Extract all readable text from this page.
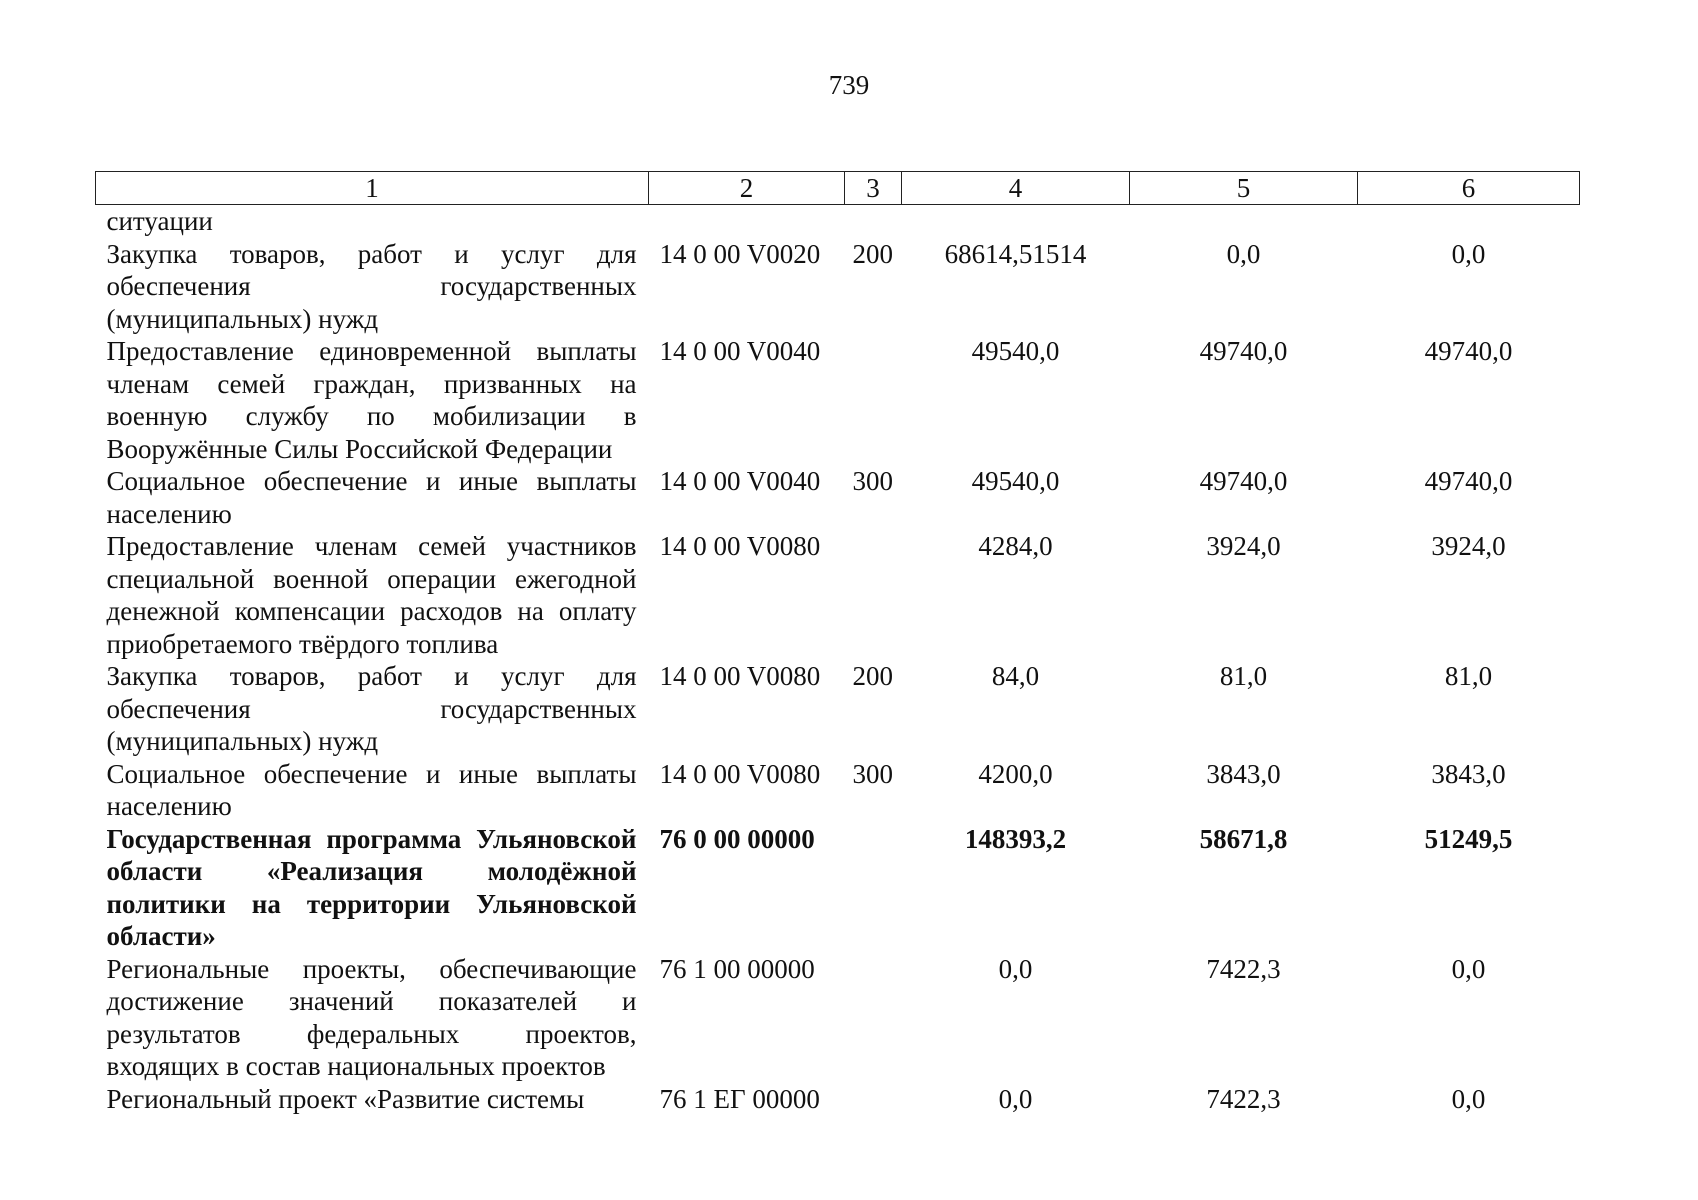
739
1	2	3	4	5	6
ситуации					
Закупка товаров, работ и услуг для обеспечения государственных (муниципальных) нужд	14 0 00 V0020	200	68614,51514	0,0	0,0
Предоставление единовременной выплаты членам семей граждан, призванных на военную службу по мобилизации в Вооружённые Силы Российской Федерации	14 0 00 V0040		49540,0	49740,0	49740,0
Социальное обеспечение и иные выплаты населению	14 0 00 V0040	300	49540,0	49740,0	49740,0
Предоставление членам семей участников специальной военной операции ежегодной денежной компенсации расходов на оплату приобретаемого твёрдого топлива	14 0 00 V0080		4284,0	3924,0	3924,0
Закупка товаров, работ и услуг для обеспечения государственных (муниципальных) нужд	14 0 00 V0080	200	84,0	81,0	81,0
Социальное обеспечение и иные выплаты населению	14 0 00 V0080	300	4200,0	3843,0	3843,0
Государственная программа Ульяновской области «Реализация молодёжной политики на территории Ульяновской области»	76 0 00 00000		148393,2	58671,8	51249,5
Региональные проекты, обеспечивающие достижение значений показателей и результатов федеральных проектов, входящих в состав национальных проектов	76 1 00 00000		0,0	7422,3	0,0
Региональный проект «Развитие системы	76 1 ЕГ 00000		0,0	7422,3	0,0
